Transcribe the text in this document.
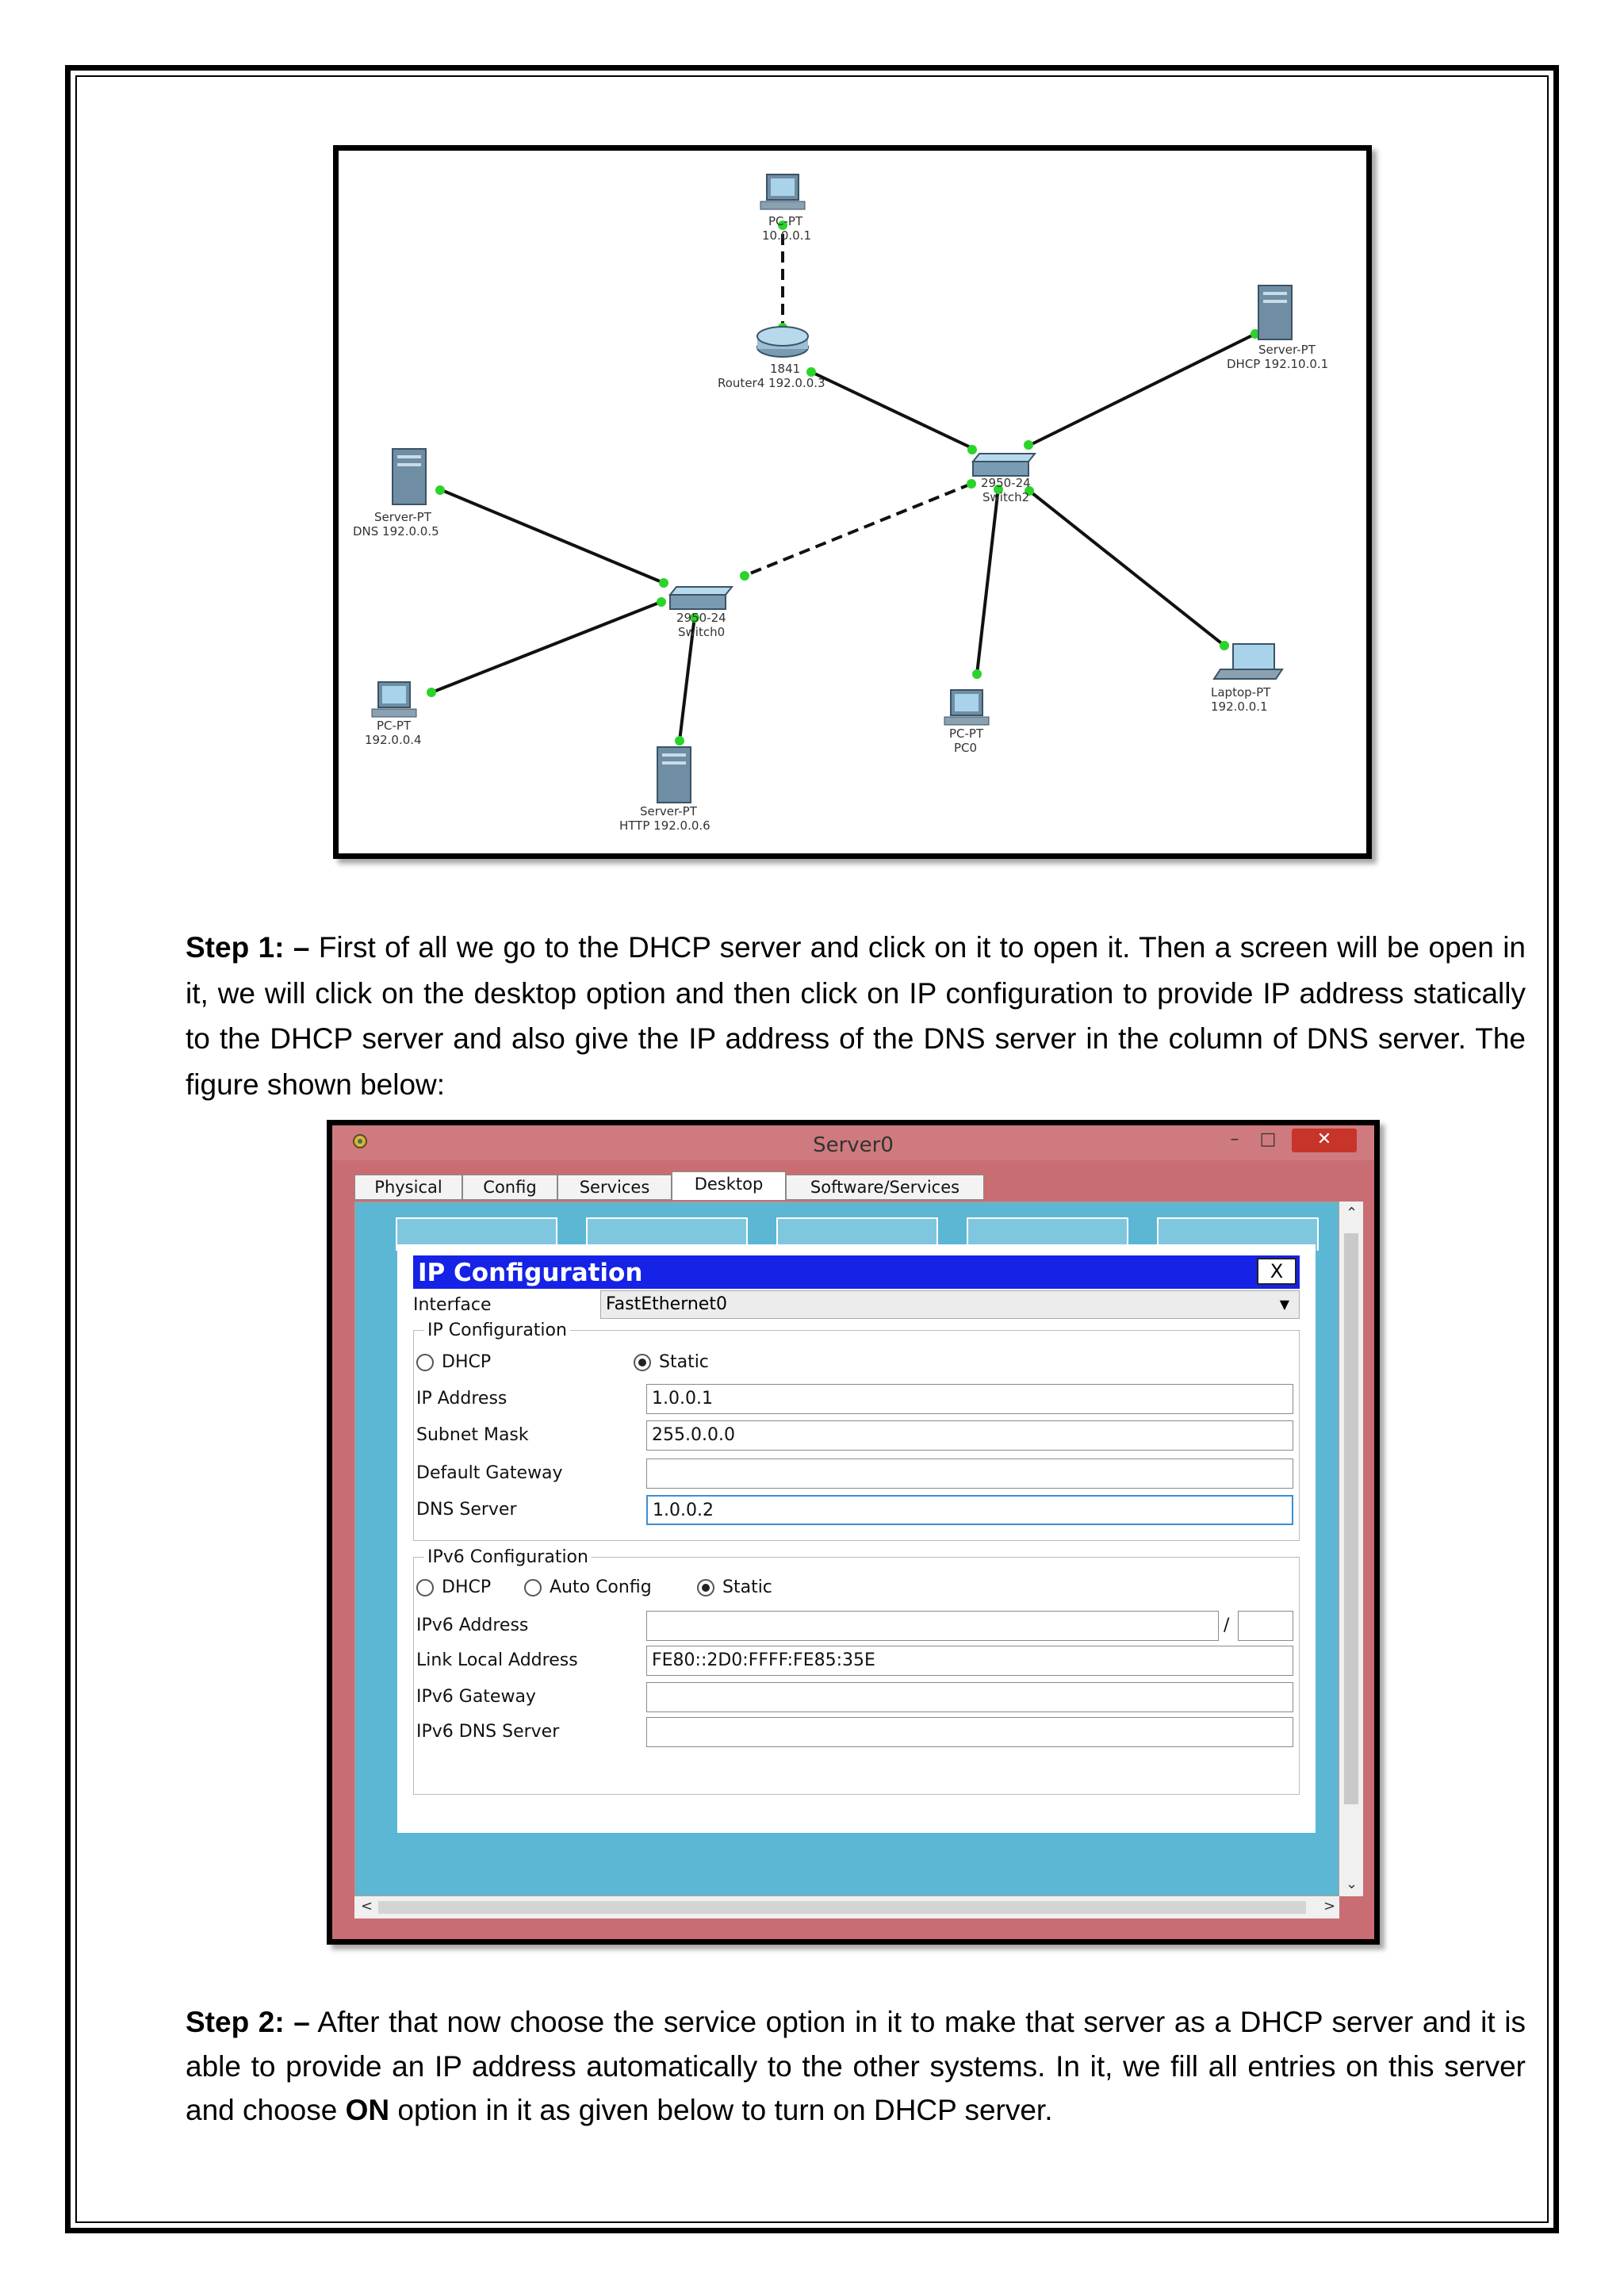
PC-PT
10.0.0.1
1841
Router4 192.0.0.3
Server-PT
DHCP 192.10.0.1
Server-PT
DNS 192.0.0.5
2950-24
Switch2
2950-24
Switch0
PC-PT
192.0.0.4
Server-PT
HTTP 192.0.0.6
PC-PT
PC0
Laptop-PT
192.0.0.1

Step 1: – First of all we go to the DHCP server and click on it to open it. Then a screen will be open in it, we will click on the desktop option and then click on IP configuration to provide IP address statically to the DHCP server and also give the IP address of the DNS server in the column of DNS server. The figure shown below:

Server0	–	□	✕
Physical	Config	Services	Desktop	Software/Services
⌃
⌄
<	>
IP Configuration	X
Interface	FastEthernet0	▼
IP Configuration
DHCP	Static
IP Address	1.0.0.1
Subnet Mask	255.0.0.0
Default Gateway
DNS Server	1.0.0.2
IPv6 Configuration
DHCP	Auto Config	Static
IPv6 Address	/
Link Local Address	FE80::2D0:FFFF:FE85:35E
IPv6 Gateway
IPv6 DNS Server

Step 2: – After that now choose the service option in it to make that server as a DHCP server and it is able to provide an IP address automatically to the other systems. In it, we fill all entries on this server and choose ON option in it as given below to turn on DHCP server.
